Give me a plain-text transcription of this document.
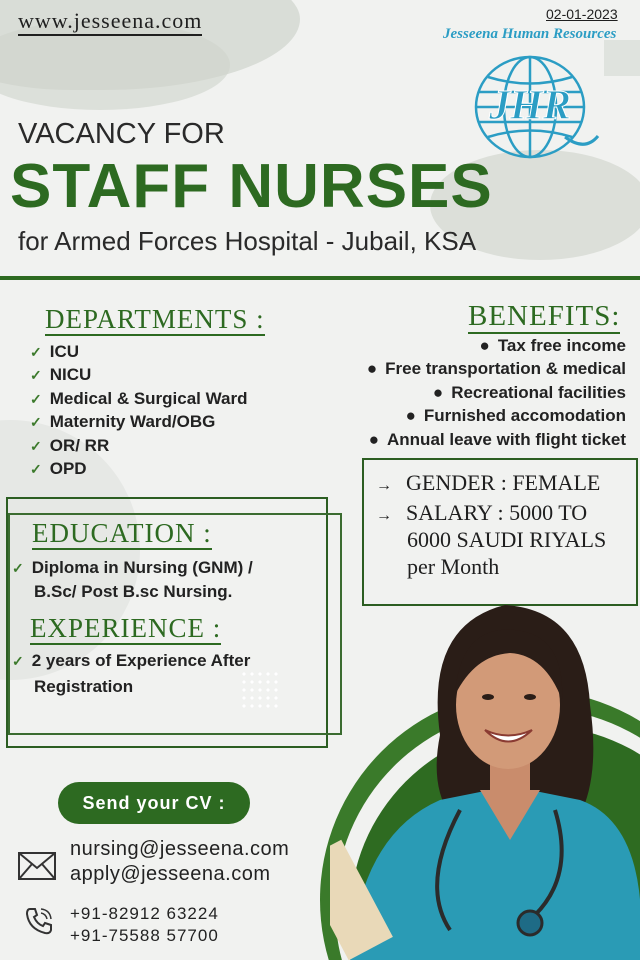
www.jesseena.com	02-01-2023
Jesseena Human Resources
JHR
VACANCY FOR
STAFF NURSES
for Armed Forces Hospital - Jubail, KSA
DEPARTMENTS :
✓ ICU
✓ NICU
✓ Medical & Surgical Ward
✓ Maternity Ward/OBG
✓ OR/ RR
✓ OPD
BENEFITS:
● Tax free income
● Free transportation & medical
● Recreational facilities
● Furnished accomodation
● Annual leave with flight ticket
→ GENDER : FEMALE
→ SALARY : 5000 TO
6000 SAUDI RIYALS
per Month
EDUCATION :
✓ Diploma in Nursing (GNM) /
B.Sc/ Post B.sc Nursing.
EXPERIENCE :
✓ 2 years of Experience After
Registration
Send your CV :
nursing@jesseena.com
apply@jesseena.com
+91-82912 63224
+91-75588 57700
